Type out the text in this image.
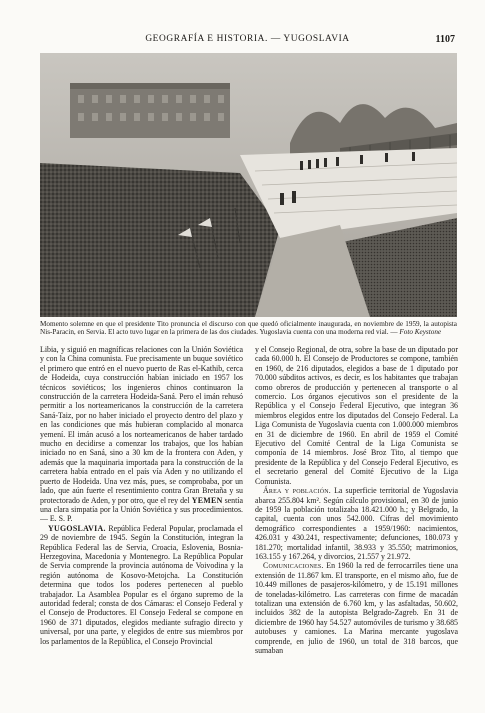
GEOGRAFÍA E HISTORIA. — YUGOSLAVIA	1107
Momento solemne en que el presidente Tito pronuncia el discurso con que quedó oficialmente inaugurada, en noviembre de 1959, la autopista Nis-Paracin, en Servia. El acto tuvo lugar en la primera de las dos ciudades. Yugoslavia cuenta con una moderna red vial. — Foto Keystone

Libia, y siguió en magníficas relaciones con la Unión Soviética y con la China comunista. Fue precisamente un buque soviético el primero que entró en el nuevo puerto de Ras el-Kathib, cerca de Hodeida, cuya construcción habían iniciado en 1957 los técnicos soviéticos; los ingenieros chinos continuaron la construcción de la carretera Hodeida-Saná. Pero el imán rehusó permitir a los norteamericanos la construcción de la carretera Saná-Taiz, por no haber iniciado el proyecto dentro del plazo y en las condiciones que más hubieran complacido al monarca yemení. El imán acusó a los norteamericanos de haber tardado mucho en decidirse a comenzar los trabajos, que los habían iniciado no en Saná, sino a 30 km de la frontera con Aden, y además que la maquinaria importada para la construcción de la carretera había entrado en el país vía Aden y no utilizando el puerto de Hodeida. Una vez más, pues, se comprobaba, por un lado, que aún fuerte el resentimiento contra Gran Bretaña y su protectorado de Aden, y por otro, que el rey del YEMEN sentía una clara simpatía por la Unión Soviética y sus procedimientos. — E. S. P.

YUGOSLAVIA. República Federal Popular, proclamada el 29 de noviembre de 1945. Según la Constitución, integran la República Federal las de Servia, Croacia, Eslovenia, Bosnia-Herzegovina, Macedonia y Montenegro. La República Popular de Servia comprende la provincia autónoma de Voivodina y la región autónoma de Kosovo-Metojcha. La Constitución determina que todos los poderes pertenecen al pueblo trabajador. La Asamblea Popular es el órgano supremo de la autoridad federal; consta de dos Cámaras: el Consejo Federal y el Consejo de Productores. El Consejo Federal se compone en 1960 de 371 diputados, elegidos mediante sufragio directo y universal, por una parte, y elegidos de entre sus miembros por los parlamentos de la República, el Consejo Provincial

y el Consejo Regional, de otra, sobre la base de un diputado por cada 60.000 h. El Consejo de Productores se compone, también en 1960, de 216 diputados, elegidos a base de 1 diputado por 70.000 súbditos activos, es decir, es los habitantes que trabajan como obreros de producción y pertenecen al transporte o al comercio. Los órganos ejecutivos son el presidente de la República y el Consejo Federal Ejecutivo, que integran 36 miembros elegidos entre los diputados del Consejo Federal. La Liga Comunista de Yugoslavia cuenta con 1.000.000 miembros en 31 de diciembre de 1960. En abril de 1959 el Comité Ejecutivo del Comité Central de la Liga Comunista se componía de 14 miembros. José Broz Tito, al tiempo que presidente de la República y del Consejo Federal Ejecutivo, es el secretario general del Comité Ejecutivo de la Liga Comunista.

Área y población. La superficie territorial de Yugoslavia abarca 255.804 km². Según cálculo provisional, en 30 de junio de 1959 la población totalizaba 18.421.000 h.; y Belgrado, la capital, cuenta con unos 542.000. Cifras del movimiento demográfico correspondientes a 1959/1960: nacimientos, 426.031 y 430.241, respectivamente; defunciones, 180.073 y 181.270; mortalidad infantil, 38.933 y 35.550; matrimonios, 163.155 y 167.264, y divorcios, 21.557 y 21.972.

Comunicaciones. En 1960 la red de ferrocarriles tiene una extensión de 11.867 km. El transporte, en el mismo año, fue de 10.449 millones de pasajeros-kilómetro, y de 15.191 millones de toneladas-kilómetro. Las carreteras con firme de macadán totalizan una extensión de 6.760 km, y las asfaltadas, 50.602, incluidos 382 de la autopista Belgrado-Zagreb. En 31 de diciembre de 1960 hay 54.527 automóviles de turismo y 38.685 autobuses y camiones. La Marina mercante yugoslava comprende, en julio de 1960, un total de 318 barcos, que sumaban
